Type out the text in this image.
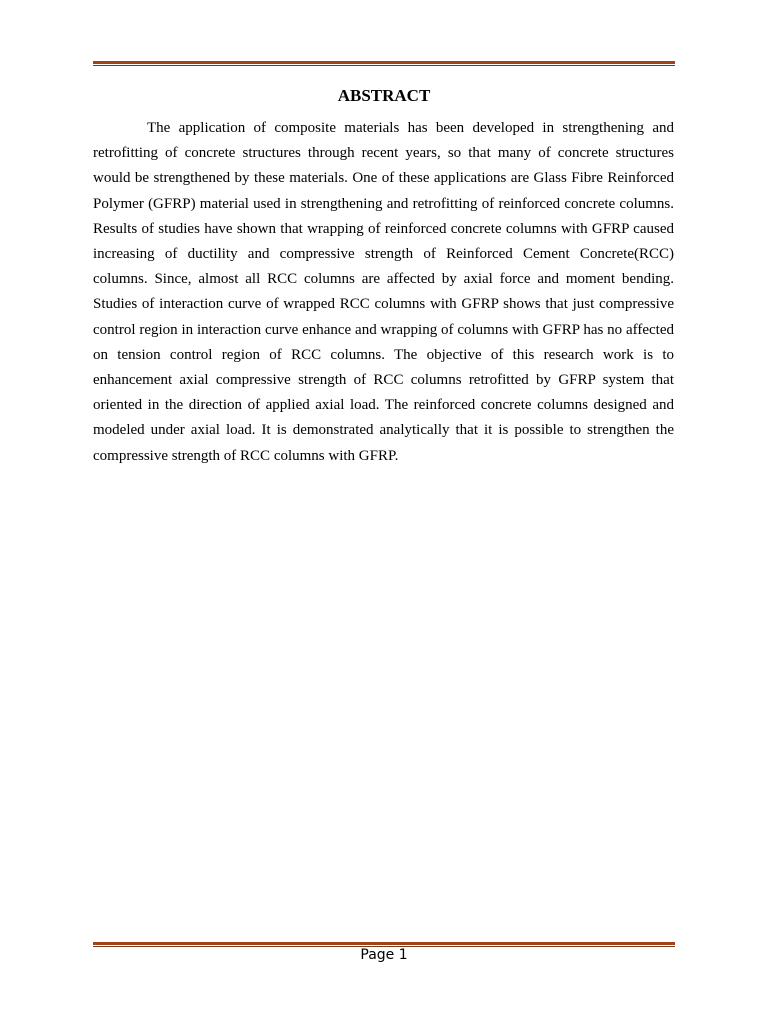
ABSTRACT

The application of composite materials has been developed in strengthening and retrofitting of concrete structures through recent years, so that many of concrete structures would be strengthened by these materials. One of these applications are Glass Fibre Reinforced Polymer (GFRP) material used in strengthening and retrofitting of reinforced concrete columns. Results of studies have shown that wrapping of reinforced concrete columns with GFRP caused increasing of ductility and compressive strength of Reinforced Cement Concrete(RCC) columns. Since, almost all RCC columns are affected by axial force and moment bending. Studies of interaction curve of wrapped RCC columns with GFRP shows that just compressive control region in interaction curve enhance and wrapping of columns with GFRP has no affected on tension control region of RCC columns. The objective of this research work is to enhancement axial compressive strength of RCC columns retrofitted by GFRP system that oriented in the direction of applied axial load. The reinforced concrete columns designed and modeled under axial load. It is demonstrated analytically that it is possible to strengthen the compressive strength of RCC columns with GFRP.

Page 1
